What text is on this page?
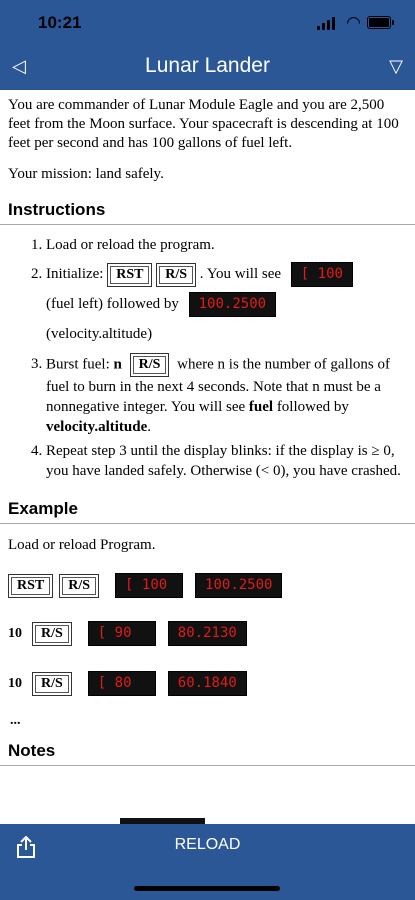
10:21	◠
◁	Lunar Lander	▽
You are commander of Lunar Module Eagle and you are 2,500 feet from the Moon surface. Your spacecraft is descending at 100 feet per second and has 100 gallons of fuel left.
Your mission: land safely.
Instructions
1. Load or reload the program.
2. Initialize: RST R/S . You will see [ 100
(fuel left) followed by 100.2500
(velocity.altitude)
3. Burst fuel: n R/S where n is the number of gallons of fuel to burn in the next 4 seconds. Note that n must be a nonnegative integer. You will see fuel followed by velocity.altitude.
4. Repeat step 3 until the display blinks: if the display is ≥ 0, you have landed safely. Otherwise (< 0), you have crashed.
Example
Load or reload Program.
RST R/S	[ 100	100.2500
10 R/S	[ 90	80.2130
10 R/S	[ 80	60.1840
...
Notes
RELOAD
